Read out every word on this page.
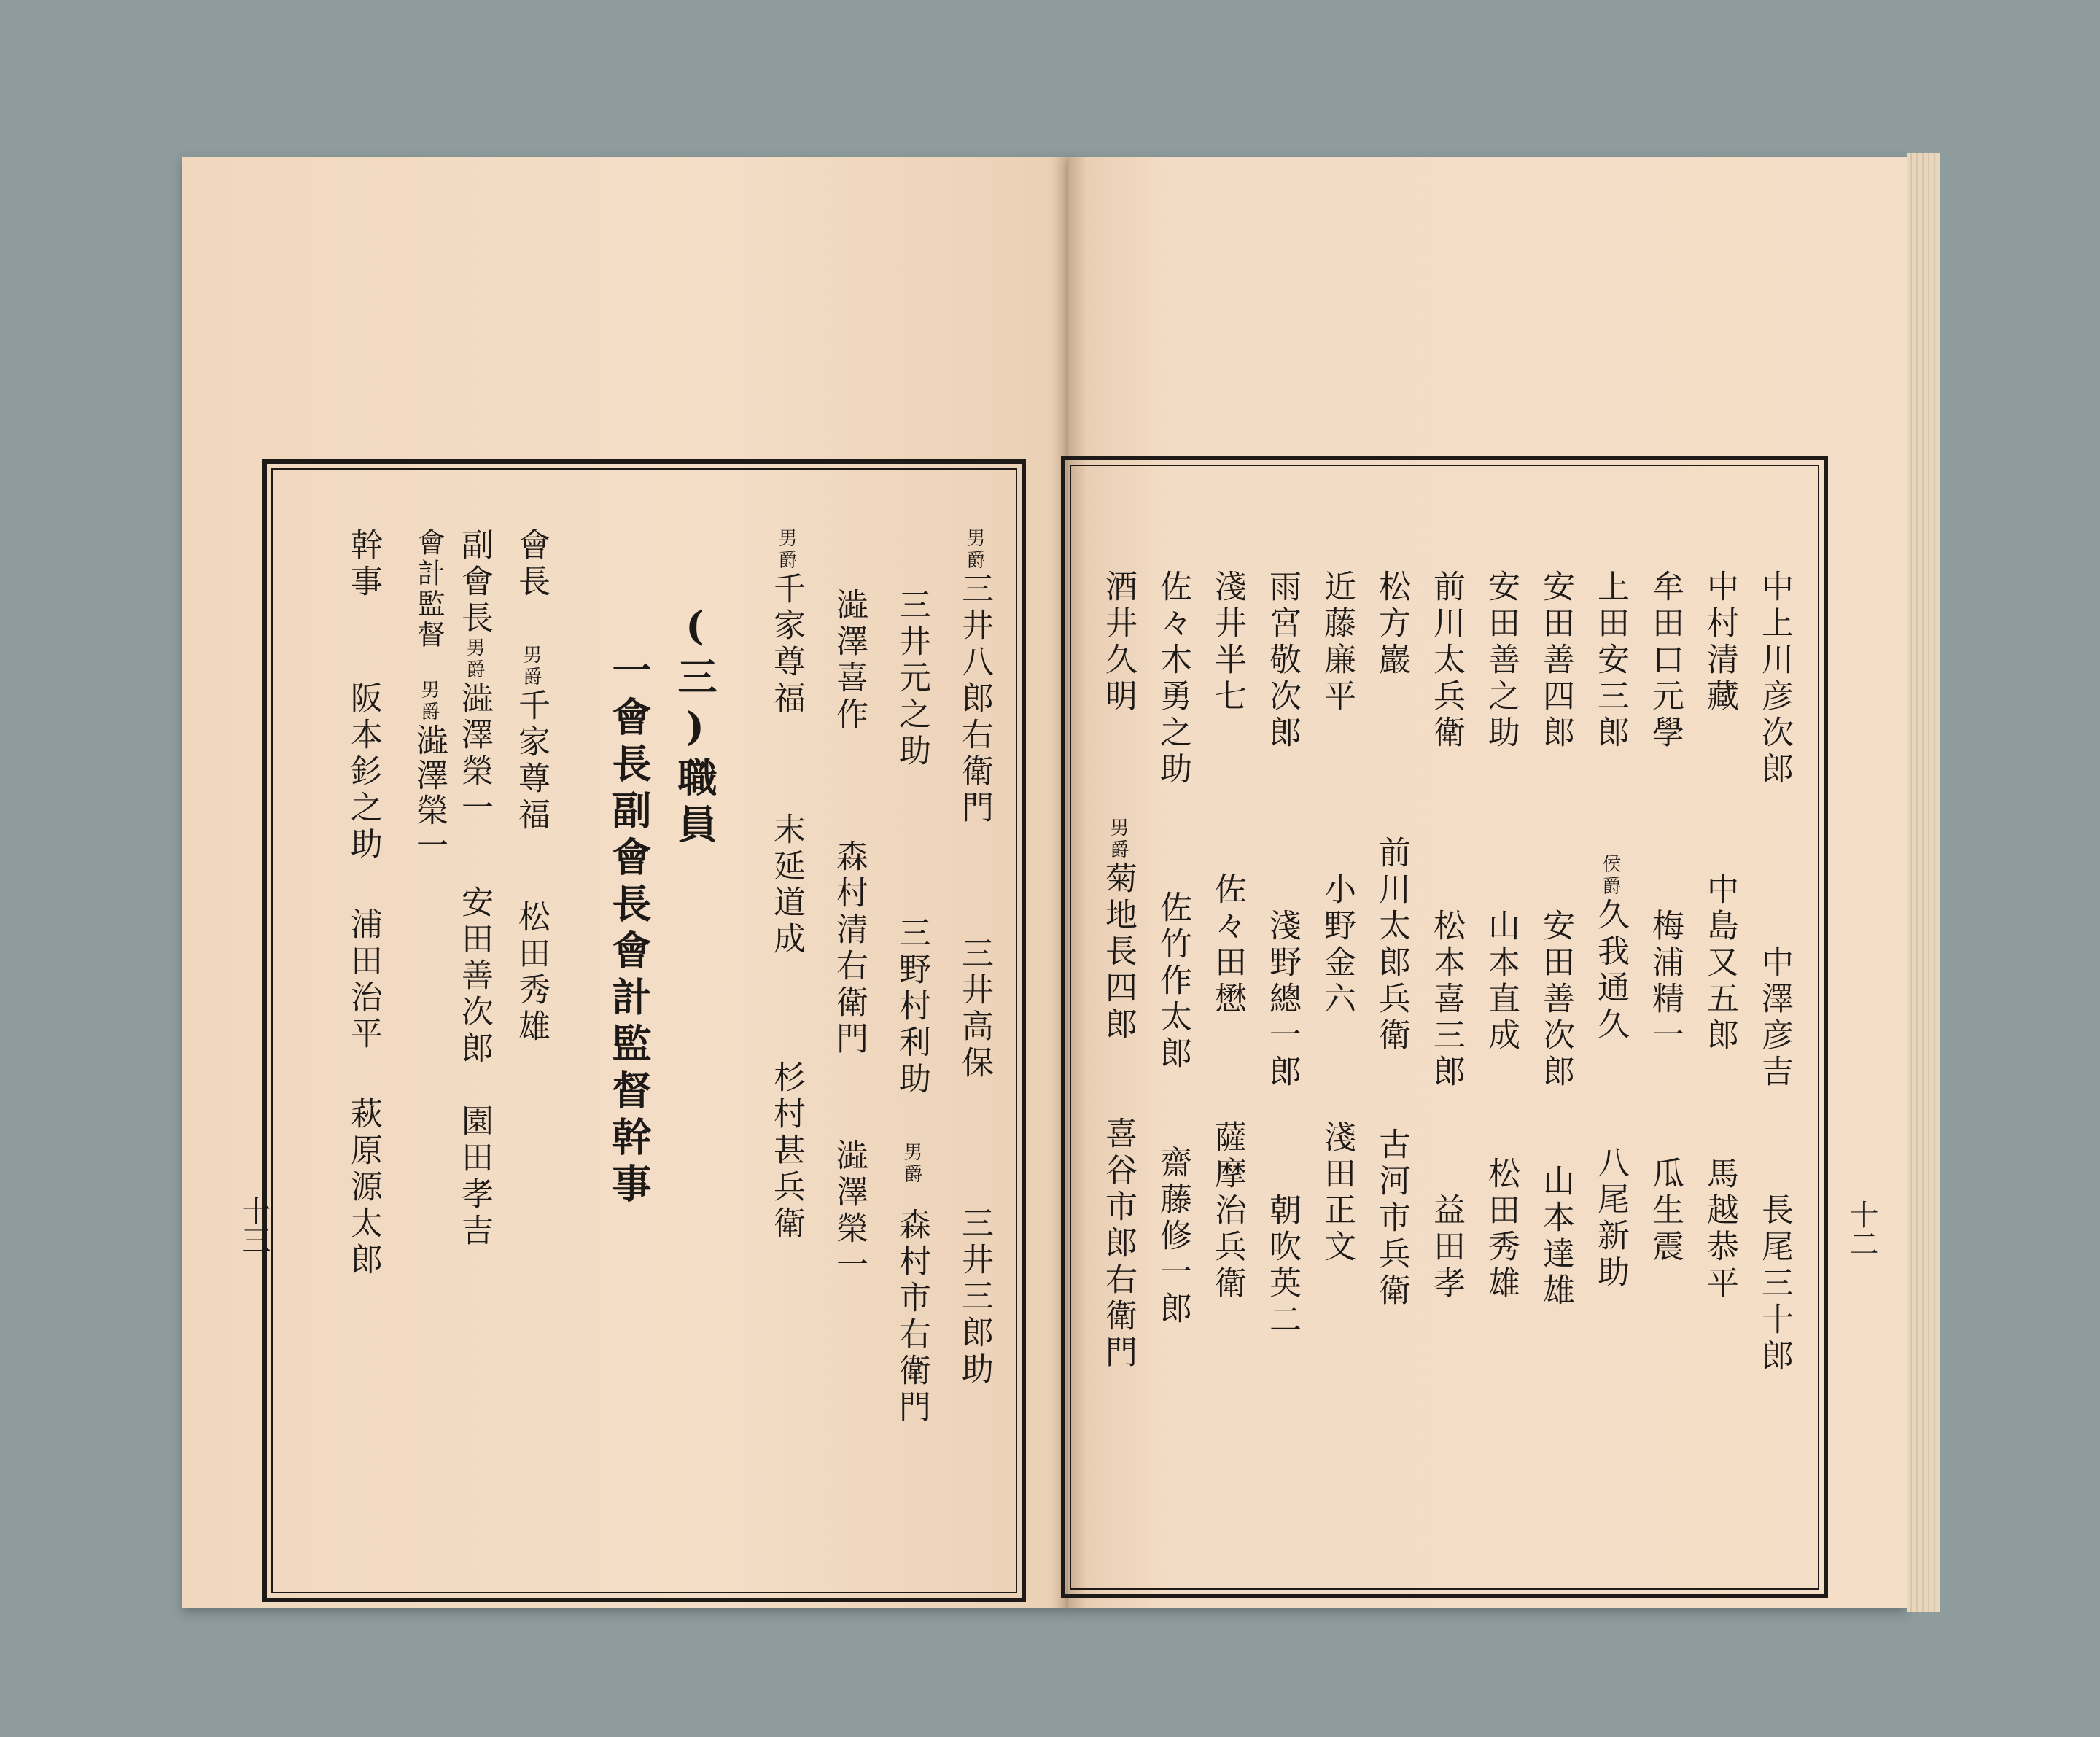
男爵三井八郎右衛門三井高保三井三郎助
三井元之助三野村利助男爵森村市右衛門
澁澤喜作森村清右衛門澁澤榮一
男爵千家尊福末延道成杉村甚兵衛
(三)職員
一會長副會長會計監督幹事
會長男爵千家尊福松田秀雄
副會長男爵澁澤榮一安田善次郎園田孝吉
會計監督男爵澁澤榮一
幹事阪本釤之助浦田治平萩原源太郎
十三
中上川彦次郎中澤彦吉長尾三十郎
中村清藏中島又五郎馬越恭平
牟田口元學梅浦精一瓜生震
上田安三郎侯爵久我通久八尾新助
安田善四郎安田善次郎山本達雄
安田善之助山本直成松田秀雄
前川太兵衛松本喜三郎益田孝
松方巖前川太郎兵衛古河市兵衛
近藤廉平小野金六淺田正文
雨宮敬次郎淺野總一郎朝吹英二
淺井半七佐々田懋薩摩治兵衛
佐々木勇之助佐竹作太郎齋藤修一郎
酒井久明男爵菊地長四郎喜谷市郎右衛門	十二
